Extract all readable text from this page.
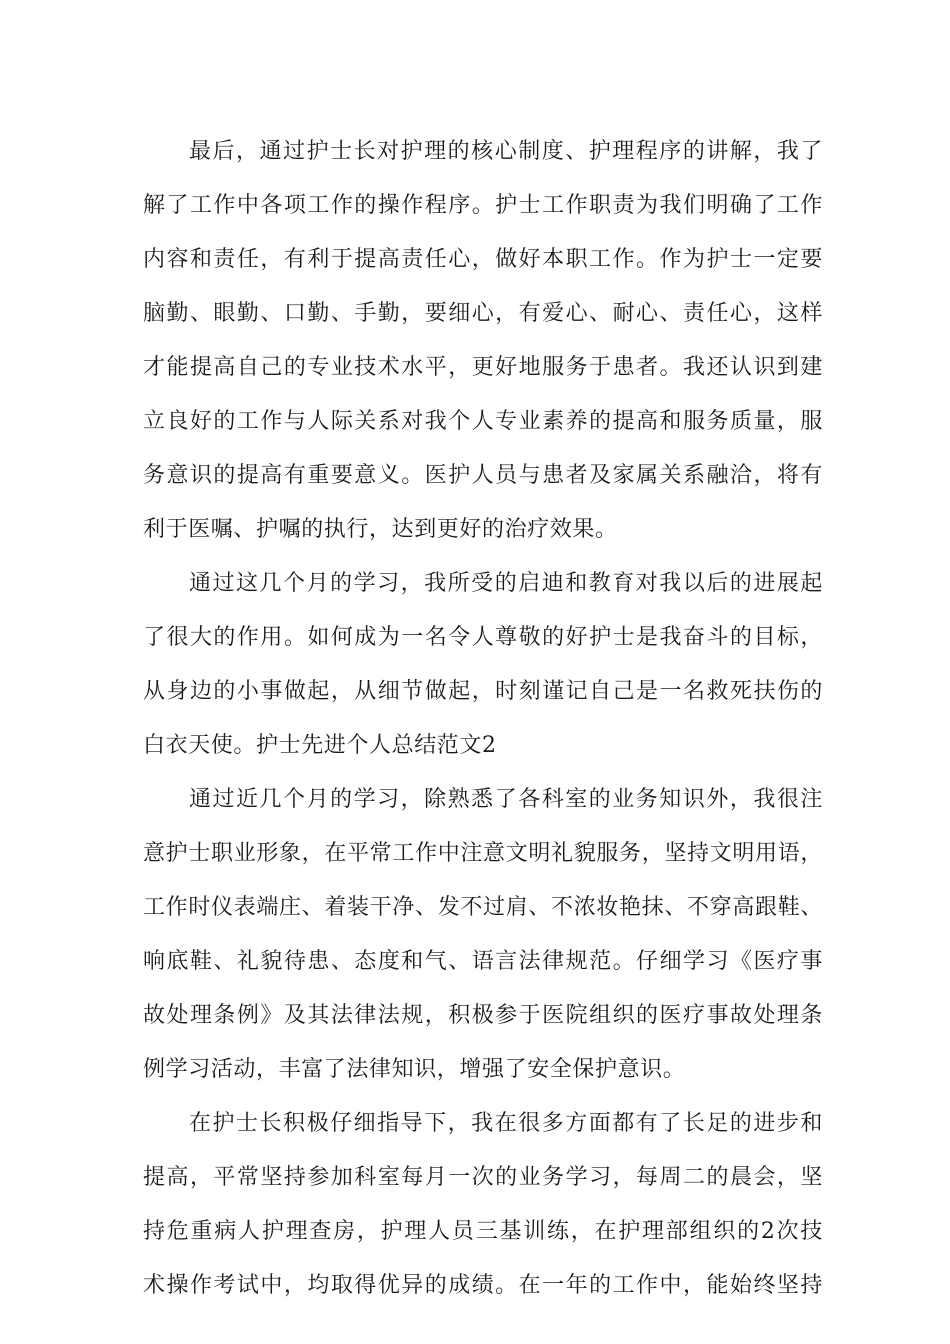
最后，通过护士长对护理的核心制度、护理程序的讲解，我了
解了工作中各项工作的操作程序。护士工作职责为我们明确了工作
内容和责任，有利于提高责任心，做好本职工作。作为护士一定要
脑勤、眼勤、口勤、手勤，要细心，有爱心、耐心、责任心，这样
才能提高自己的专业技术水平，更好地服务于患者。我还认识到建
立良好的工作与人际关系对我个人专业素养的提高和服务质量，服
务意识的提高有重要意义。医护人员与患者及家属关系融洽，将有
利于医嘱、护嘱的执行，达到更好的治疗效果。
通过这几个月的学习，我所受的启迪和教育对我以后的进展起
了很大的作用。如何成为一名令人尊敬的好护士是我奋斗的目标，
从身边的小事做起，从细节做起，时刻谨记自己是一名救死扶伤的
白衣天使。护士先进个人总结范文2
通过近几个月的学习，除熟悉了各科室的业务知识外，我很注
意护士职业形象，在平常工作中注意文明礼貌服务，坚持文明用语，
工作时仪表端庄、着装干净、发不过肩、不浓妆艳抹、不穿高跟鞋、
响底鞋、礼貌待患、态度和气、语言法律规范。仔细学习《医疗事
故处理条例》及其法律法规，积极参于医院组织的医疗事故处理条
例学习活动，丰富了法律知识，增强了安全保护意识。
在护士长积极仔细指导下，我在很多方面都有了长足的进步和
提高，平常坚持参加科室每月一次的业务学习，每周二的晨会，坚
持危重病人护理查房，护理人员三基训练，在护理部组织的2次技
术操作考试中，均取得优异的成绩。在一年的工作中，能始终坚持
